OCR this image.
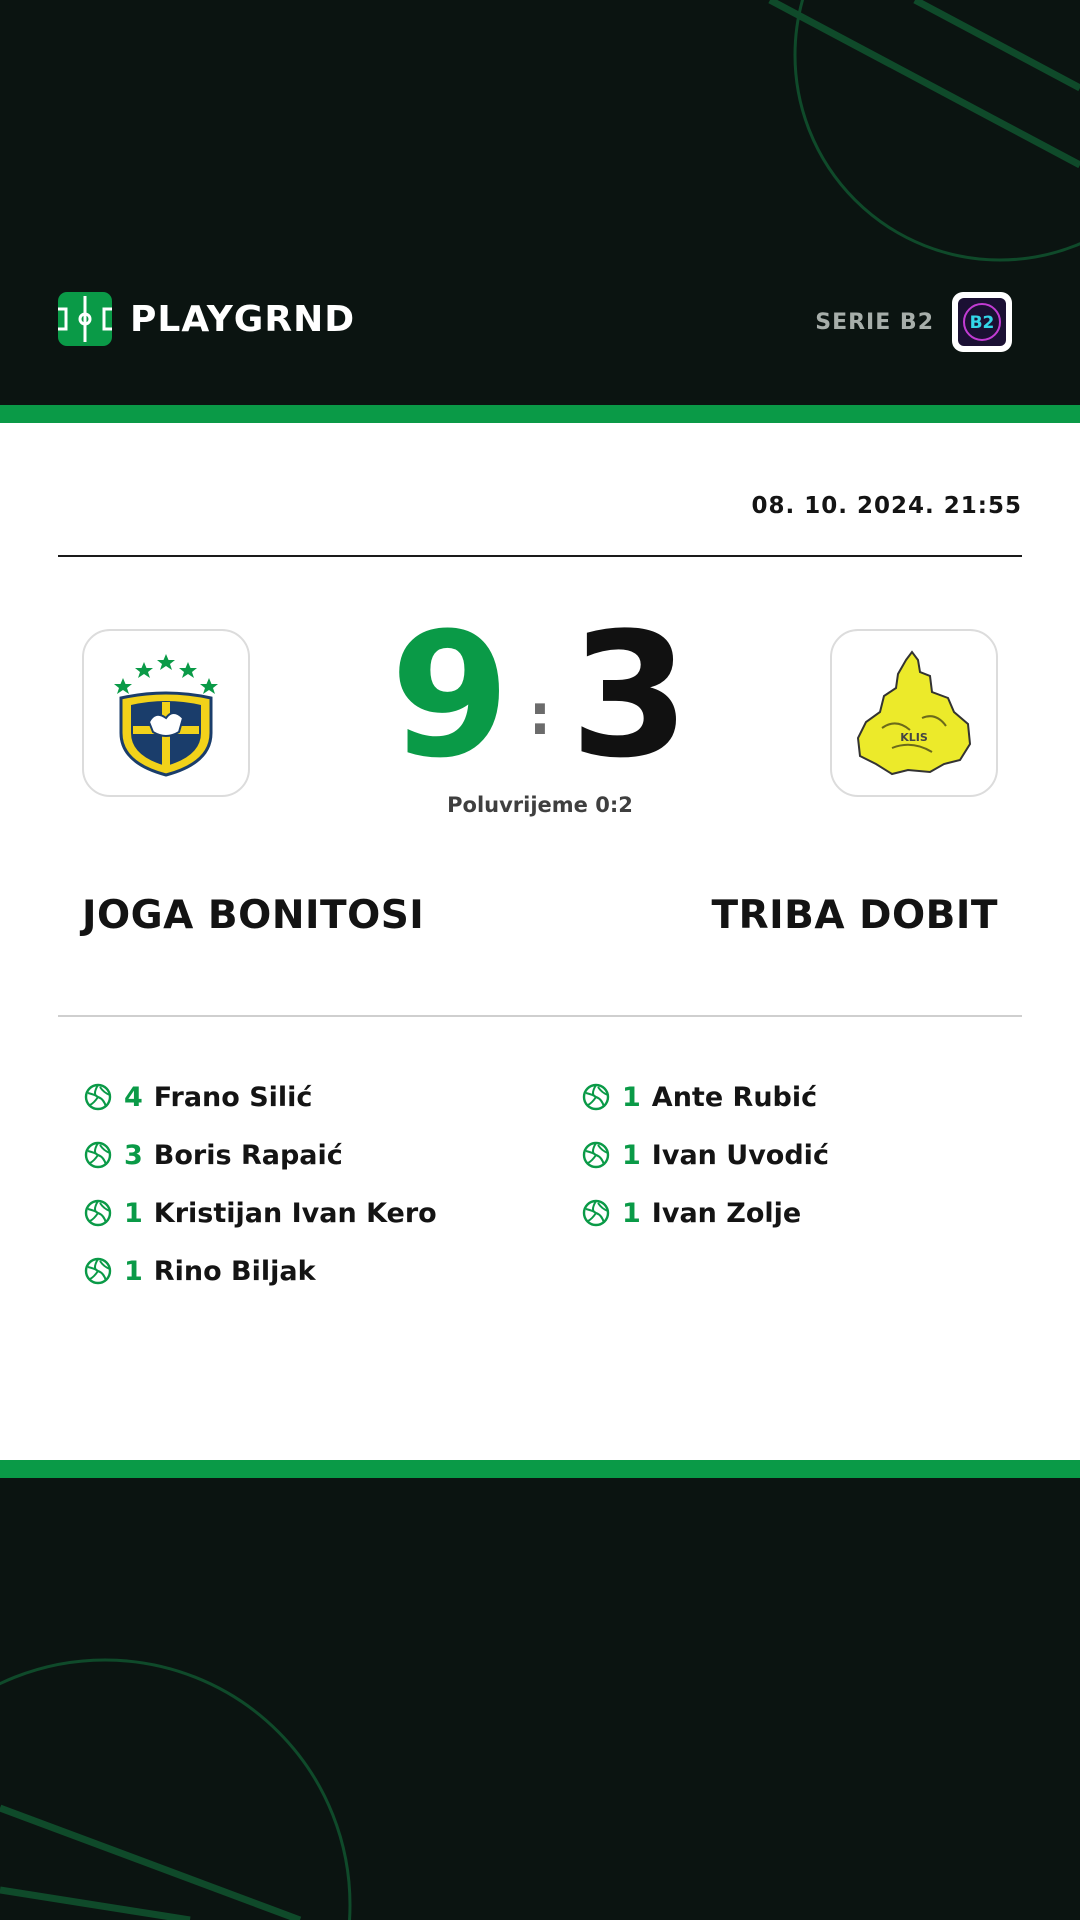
PLAYGRND	SERIE B2 B2
08. 10. 2024. 21:55
9 : 3	KLIS
Poluvrijeme 0:2
JOGA BONITOSI	TRIBA DOBIT
4 Frano Silić
3 Boris Rapaić
1 Kristijan Ivan Kero
1 Rino Biljak
1 Ante Rubić
1 Ivan Uvodić
1 Ivan Zolje
